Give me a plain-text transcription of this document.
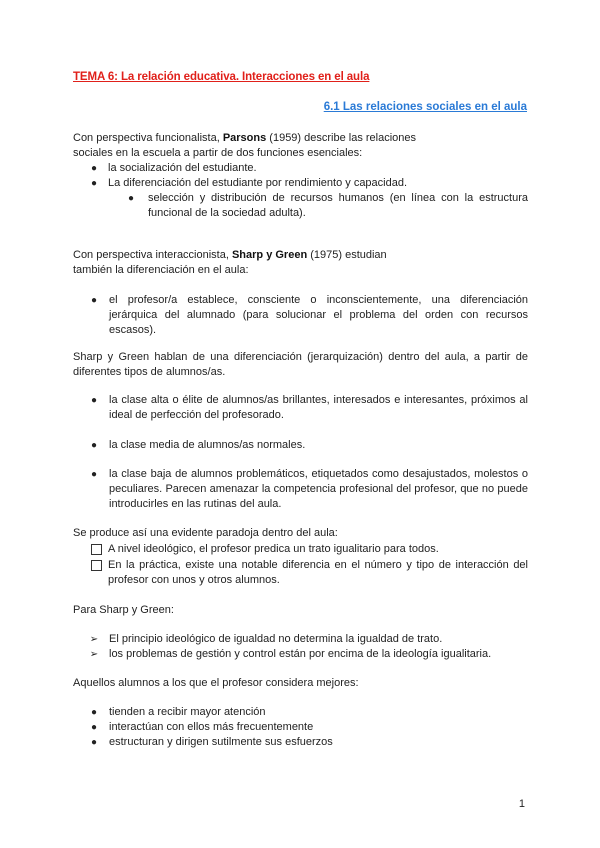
TEMA 6: La relación educativa. Interacciones en el aula
6.1 Las relaciones sociales en el aula
Con perspectiva funcionalista, Parsons (1959) describe las relaciones
sociales en la escuela a partir de dos funciones esenciales:
● la socialización del estudiante.
● La diferenciación del estudiante por rendimiento y capacidad.
● selección y distribución de recursos humanos (en línea con la estructura funcional de la sociedad adulta).
Con perspectiva interaccionista, Sharp y Green (1975) estudian
también la diferenciación en el aula:
● el profesor/a establece, consciente o inconscientemente, una diferenciación jerárquica del alumnado (para solucionar el problema del orden con recursos escasos).
Sharp y Green hablan de una diferenciación (jerarquización) dentro del aula, a partir de diferentes tipos de alumnos/as.
● la clase alta o élite de alumnos/as brillantes, interesados e interesantes, próximos al ideal de perfección del profesorado.
● la clase media de alumnos/as normales.
● la clase baja de alumnos problemáticos, etiquetados como desajustados, molestos o peculiares. Parecen amenazar la competencia profesional del profesor, que no puede introducirles en las rutinas del aula.
Se produce así una evidente paradoja dentro del aula:
A nivel ideológico, el profesor predica un trato igualitario para todos.
En la práctica, existe una notable diferencia en el número y tipo de interacción del profesor con unos y otros alumnos.
Para Sharp y Green:
➢ El principio ideológico de igualdad no determina la igualdad de trato.
➢ los problemas de gestión y control están por encima de la ideología igualitaria.
Aquellos alumnos a los que el profesor considera mejores:
● tienden a recibir mayor atención
● interactúan con ellos más frecuentemente
● estructuran y dirigen sutilmente sus esfuerzos
1
